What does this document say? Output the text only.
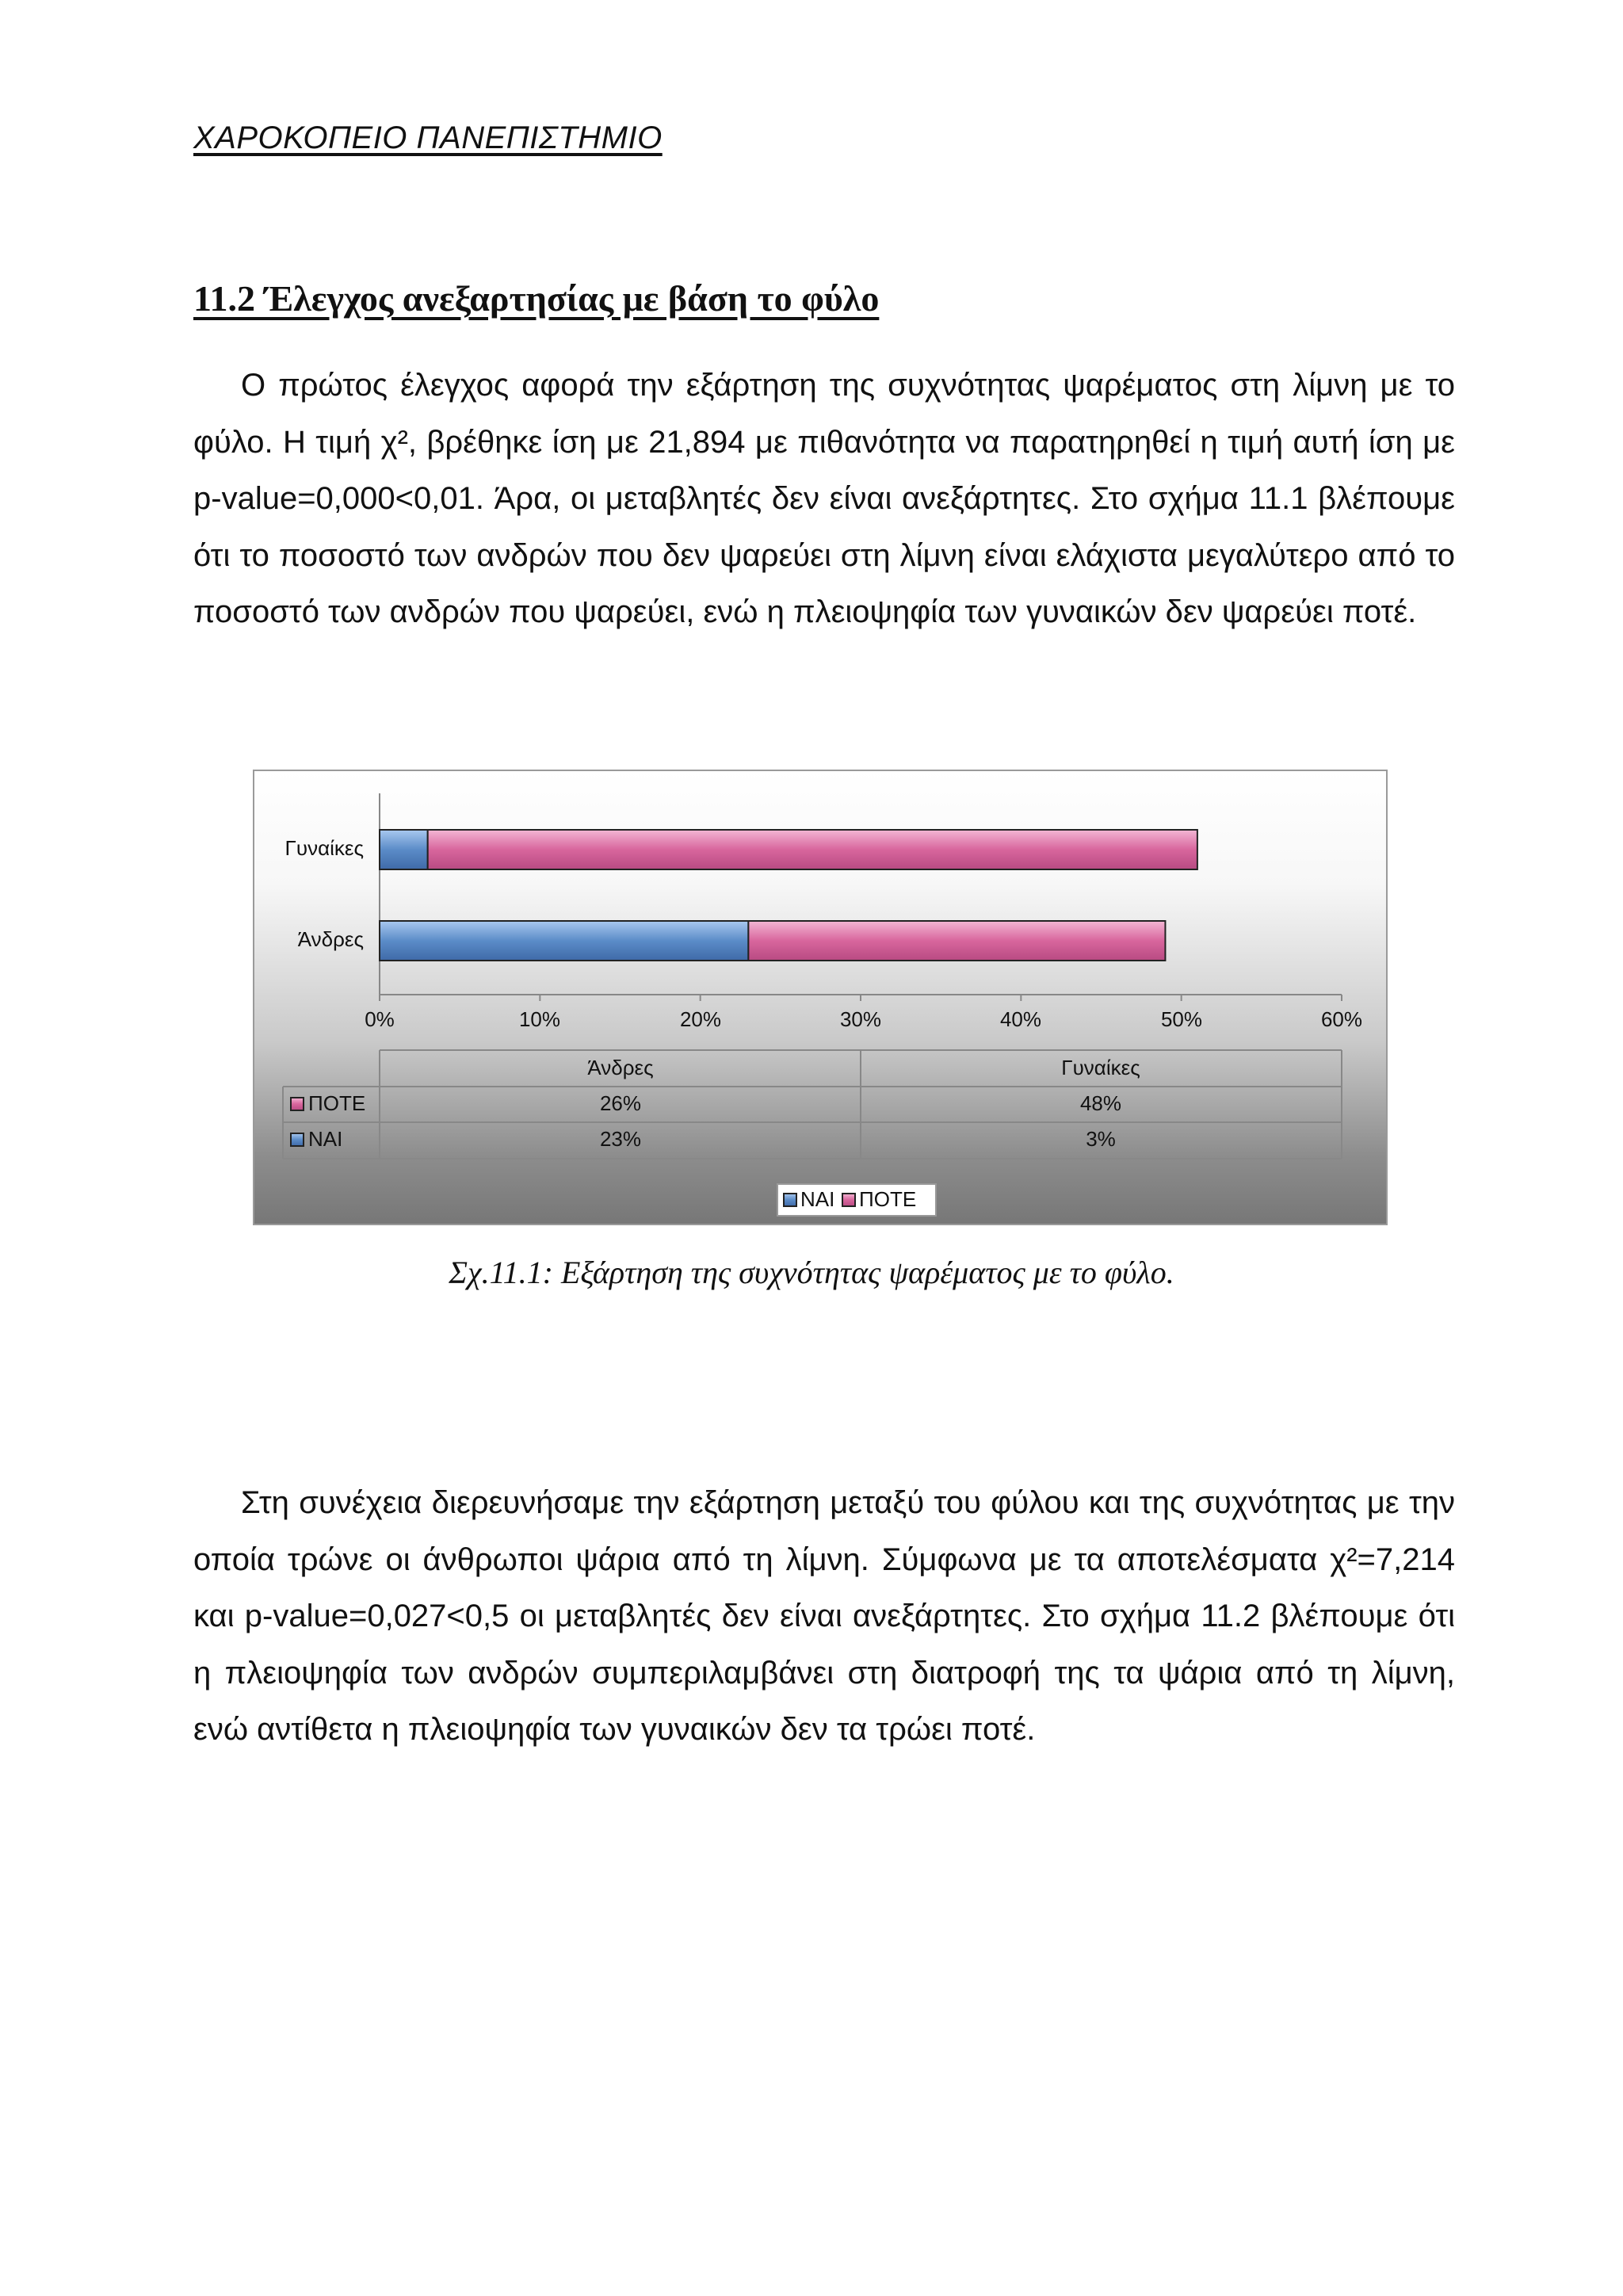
ΧΑΡΟΚΟΠΕΙΟ ΠΑΝΕΠΙΣΤΗΜΙΟ
11.2 Έλεγχος ανεξαρτησίας με βάση το φύλο

Ο πρώτος έλεγχος αφορά την εξάρτηση της συχνότητας ψαρέματος στη λίμνη με το φύλο. Η τιμή χ², βρέθηκε ίση με 21,894 με πιθανότητα να παρατηρηθεί η τιμή αυτή ίση με p-value=0,000<0,01. Άρα, οι μεταβλητές δεν είναι ανεξάρτητες. Στο σχήμα 11.1 βλέπουμε ότι το ποσοστό των ανδρών που δεν ψαρεύει στη λίμνη είναι ελάχιστα μεγαλύτερο από το ποσοστό των ανδρών που ψαρεύει, ενώ η πλειοψηφία των γυναικών δεν ψαρεύει ποτέ.

Γυναίκες
Άνδρες
0%	10%	20%	30%	40%	50%	60%
Άνδρες	Γυναίκες
ΠΟΤΕ	26%	48%
ΝΑΙ	23%	3%
ΝΑΙ ΠΟΤΕ
Σχ.11.1: Εξάρτηση της συχνότητας ψαρέματος με το φύλο.

Στη συνέχεια διερευνήσαμε την εξάρτηση μεταξύ του φύλου και της συχνότητας με την οποία τρώνε οι άνθρωποι ψάρια από τη λίμνη. Σύμφωνα με τα αποτελέσματα χ²=7,214 και p-value=0,027<0,5 οι μεταβλητές δεν είναι ανεξάρτητες. Στο σχήμα 11.2 βλέπουμε ότι η πλειοψηφία των ανδρών συμπεριλαμβάνει στη διατροφή της τα ψάρια από τη λίμνη, ενώ αντίθετα η πλειοψηφία των γυναικών δεν τα τρώει ποτέ.
